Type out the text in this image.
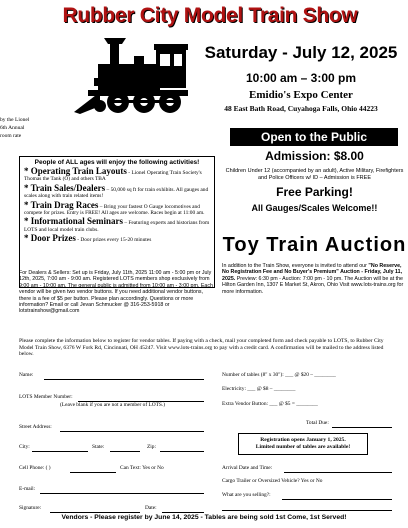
Rubber City Model Train Show
Saturday - July 12, 2025
10:00 am – 3:00 pm
Emidio's Expo Center
48 East Bath Road, Cuyahoga Falls, Ohio 44223
by the Lionel
6th Annual
room rate
People of ALL ages will enjoy the following activities!
* Operating Train Layouts - Lionel Operating Train Society's Thomas the Tank (O) and others TBA
* Train Sales/Dealers – 50,000 sq ft for train exhibits. All gauges and scales along with train related items!
* Train Drag Races – Bring your fastest O Gauge locomotives and compete for prizes. Entry is FREE! All ages are welcome. Races begin at 11:00 am.
* Informational Seminars – Featuring experts and historians from LOTS and local model train clubs.
* Door Prizes - Door prizes every 15-20 minutes
For Dealers & Sellers: Set up is Friday, July 11th, 2025 11:00 am - 5:00 pm or July 12th, 2025, 7:00 am - 9:00 am. Registered LOTS members shop exclusively from 9:00 am - 10:00 am. The general public is admitted from 10:00 am - 3:00 pm. Each vendor will be given two vendor buttons. If you need additional vendor buttons, there is a fee of $5 per button. Please plan accordingly. Questions or more information? Email or call Jevan Schmucker @ 316-253-5918 or lotstrainshow@gmail.com
Open to the Public
Admission: $8.00
Children Under 12 (accompanied by an adult), Active Military, Firefighters and Police Officers w/ ID – Admission is FREE
Free Parking!
All Gauges/Scales Welcome!!
Toy Train Auction
In addition to the Train Show, everyone is invited to attend our "No Reserve, No Registration Fee and No Buyer's Premium" Auction - Friday, July 11, 2025. Preview: 6:30 pm - Auction: 7:00 pm - 10 pm. The Auction will be at the Hilton Garden Inn, 1307 E Market St, Akron, Ohio Visit www.lots-trains.org for more information.
Please complete the information below to register for vendor tables. If paying with a check, mail your completed form and check payable to LOTS, to Rubber City Model Train Show, 6376 W Fork Rd, Cincinnati, OH 45247. Visit www.lots-trains.org to pay with a credit card. A confirmation will be mailed to the address listed below.
Name:
LOTS Member Number:
(Leave blank if you are not a member of LOTS.)
Street Address:
City:	State:	Zip:
Cell Phone: ( )	Can Text: Yes or No
E-mail:
Signature:	Date:
Number of tables (8" x 30"): ___ @ $20 – ________
Electricity: ___ @ $8 – ________
Extra Vendor Button: ___ @ $5 = ________
Total Due:
Registration opens January 1, 2025.
Limited number of tables are available!
Arrival Date and Time:
Cargo Trailer or Oversized Vehicle? Yes or No
What are you selling?:
Vendors - Please register by June 14, 2025 - Tables are being sold 1st Come, 1st Served!
